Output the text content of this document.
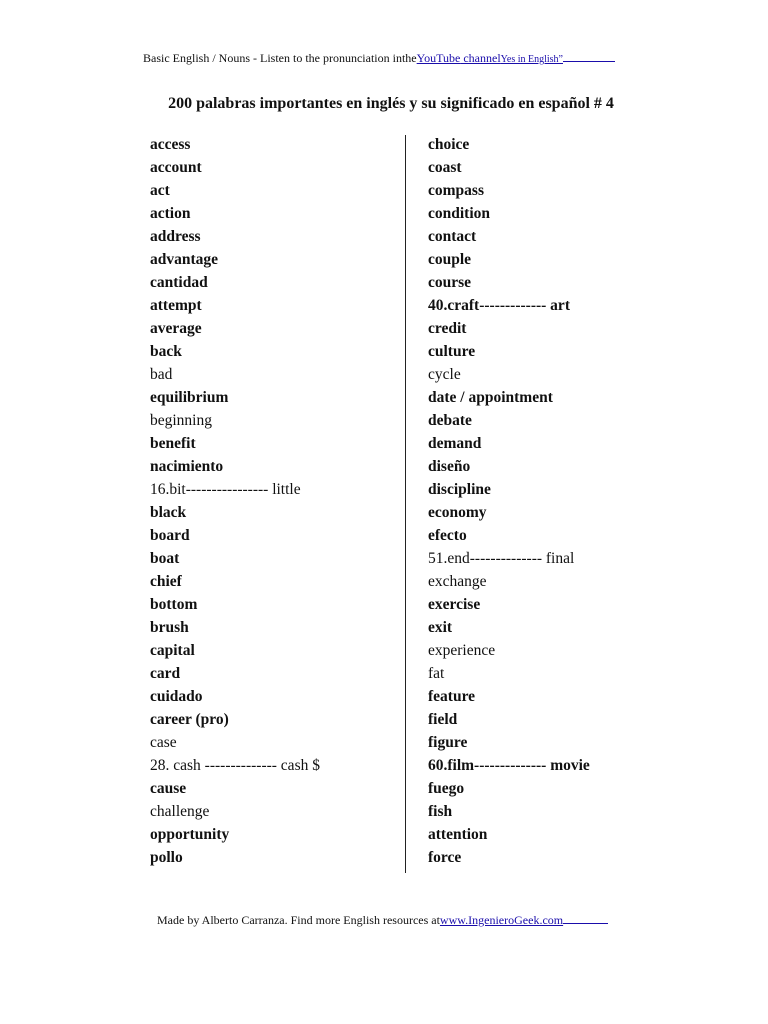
Basic English / Nouns - Listen to the pronunciation intheYouTube channelYes in English”
200 palabras importantes en inglés y su significado en español # 4
access
account
act
action
address
advantage
cantidad
attempt
average
back
bad
equilibrium
beginning
benefit
nacimiento
16.bit---------------- little
black
board
boat
chief
bottom
brush
capital
card
cuidado
career (pro)
case
28. cash -------------- cash $
cause
challenge
opportunity
pollo
choice
coast
compass
condition
contact
couple
course
40.craft------------- art
credit
culture
cycle
date / appointment
debate
demand
diseño
discipline
economy
efecto
51.end-------------- final
exchange
exercise
exit
experience
fat
feature
field
figure
60.film-------------- movie
fuego
fish
attention
force
Made by Alberto Carranza. Find more English resources atwww.IngenieroGeek.com
